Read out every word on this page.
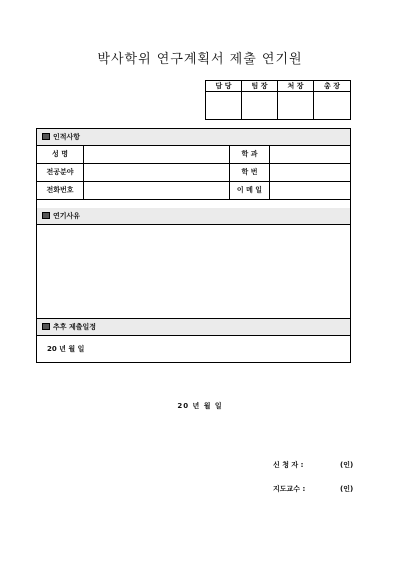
박사학위 연구계획서 제출 연기원
담 당	팀 장	처 장	총 장
인적사항
성 명	학 과
전공분야	학 번
전화번호	이 메 일
연기사유
추후 제출일정
20 년 월 일
20 년 월 일
신 청 자 :	(인)
지도교수 :	(인)
